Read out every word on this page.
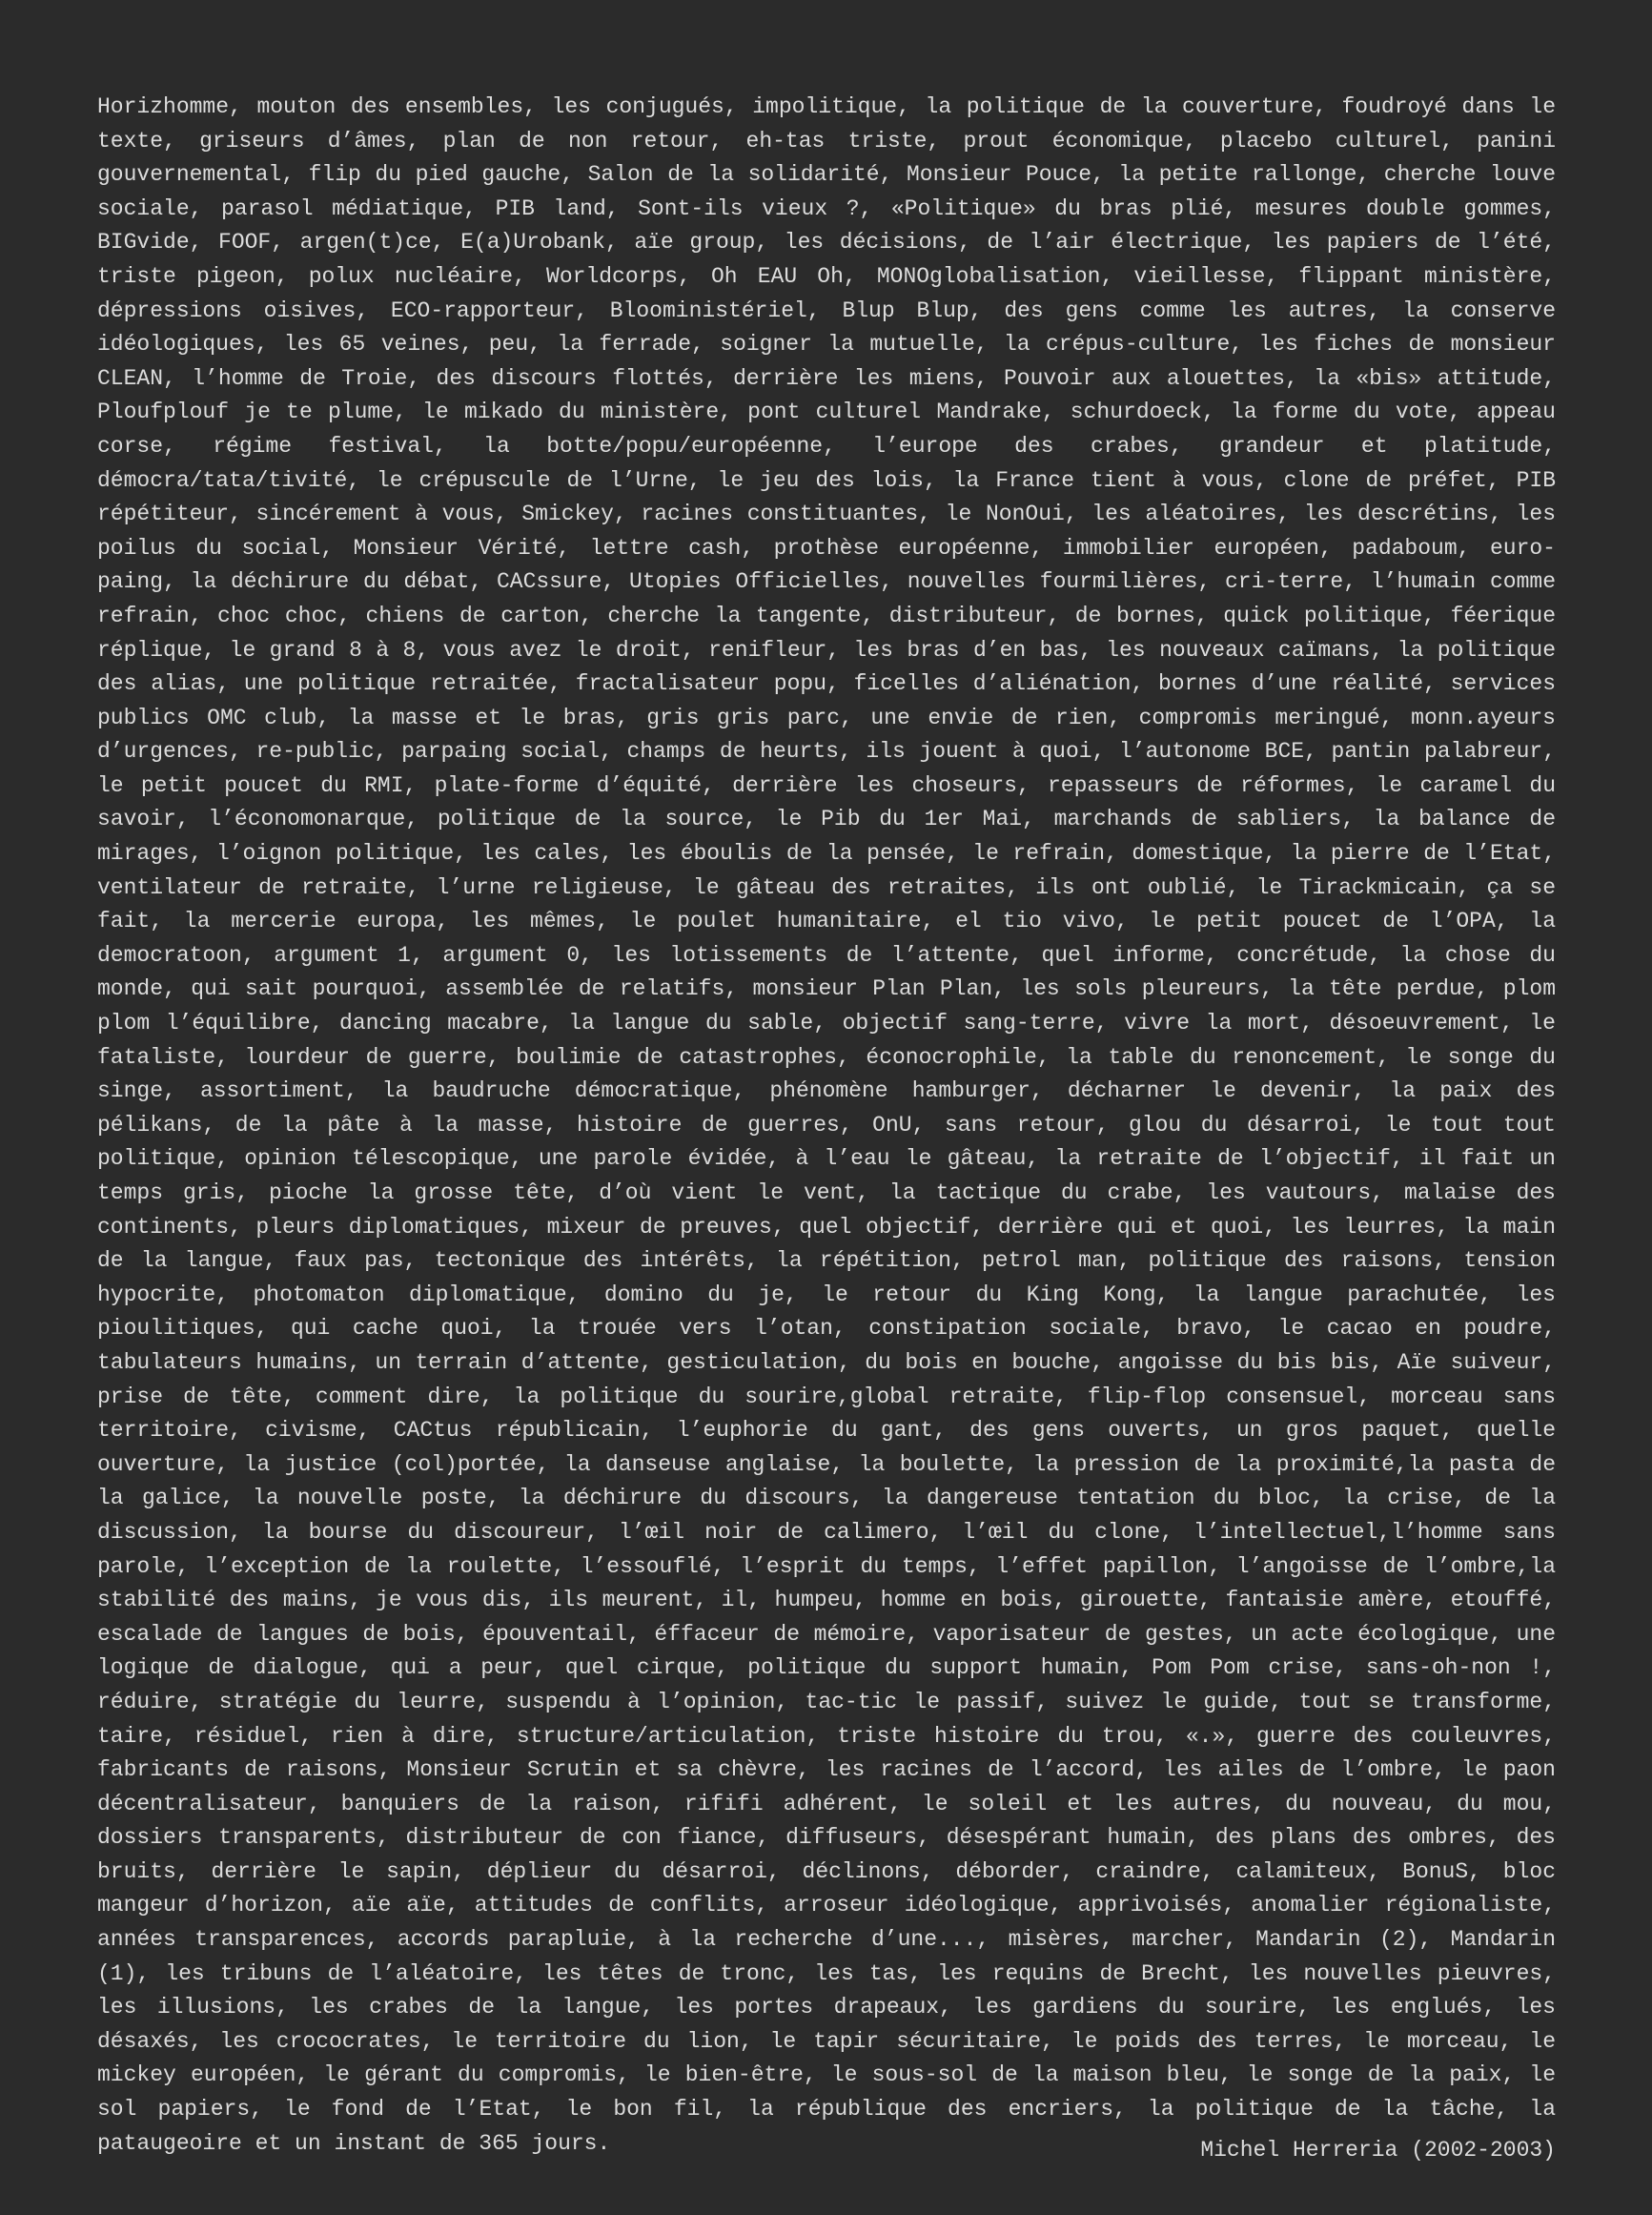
Horizhomme, mouton des ensembles, les conjugués, impolitique, la politique de la couverture, foudroyé dans le texte, griseurs d’âmes, plan de non retour, eh-tas triste, prout économique, placebo culturel, panini gouvernemental, flip du pied gauche, Salon de la solidarité, Monsieur Pouce, la petite rallonge, cherche louve sociale, parasol médiatique, PIB land, Sont-ils vieux ?, «Politique» du bras plié, mesures double gommes, BIGvide, FOOF, argen(t)ce, E(a)Urobank, aïe group, les décisions, de l’air électrique, les papiers de l’été, triste pigeon, polux nucléaire, Worldcorps, Oh EAU Oh, MONOglobalisation, vieillesse, flippant ministère, dépressions oisives, ECO-rapporteur, Blooministériel, Blup Blup, des gens comme les autres, la conserve idéologiques, les 65 veines, peu, la ferrade, soigner la mutuelle, la crépus-culture, les fiches de monsieur CLEAN, l’homme de Troie, des discours flottés, derrière les miens, Pouvoir aux alouettes, la «bis» attitude, Ploufplouf je te plume, le mikado du ministère, pont culturel Mandrake, schurdoeck, la forme du vote, appeau corse, régime festival, la botte/popu/européenne, l’europe des crabes, grandeur et platitude, démocra/tata/tivité, le crépuscule de l’Urne, le jeu des lois, la France tient à vous, clone de préfet, PIB répétiteur, sincérement à vous, Smickey, racines constituantes, le NonOui, les aléatoires, les descrétins, les poilus du social, Monsieur Vérité, lettre cash, prothèse européenne, immobilier européen, padaboum, euro-paing, la déchirure du débat, CACssure, Utopies Officielles, nouvelles fourmilières, cri-terre, l’humain comme refrain, choc choc, chiens de carton, cherche la tangente, distributeur, de bornes, quick politique, féerique réplique, le grand 8 à 8, vous avez le droit, renifleur, les bras d’en bas, les nouveaux caïmans, la politique des alias, une politique retraitée, fractalisateur popu, ficelles d’aliénation, bornes d’une réalité, services publics OMC club, la masse et le bras, gris gris parc, une envie de rien, compromis meringué, monn.ayeurs d’urgences, re-public, parpaing social, champs de heurts, ils jouent à quoi, l’autonome BCE, pantin palabreur, le petit poucet du RMI, plate-forme d’équité, derrière les choseurs, repasseurs de réformes, le caramel du savoir, l’économonarque, politique de la source, le Pib du 1er Mai, marchands de sabliers, la balance de mirages, l’oignon politique, les cales, les éboulis de la pensée, le refrain, domestique, la pierre de l’Etat, ventilateur de retraite, l’urne religieuse, le gâteau des retraites, ils ont oublié, le Tirackmicain, ça se fait, la mercerie europa, les mêmes, le poulet humanitaire, el tio vivo, le petit poucet de l’OPA, la democratoon, argument 1, argument 0, les lotissements de l’attente, quel informe, concrétude, la chose du monde, qui sait pourquoi, assemblée de relatifs, monsieur Plan Plan, les sols pleureurs, la tête perdue, plom plom l’équilibre, dancing macabre, la langue du sable, objectif sang-terre, vivre la mort, désoeuvrement, le fataliste, lourdeur de guerre, boulimie de catastrophes, éconocrophile, la table du renoncement, le songe du singe, assortiment, la baudruche démocratique, phénomène hamburger, décharner le devenir, la paix des pélikans, de la pâte à la masse, histoire de guerres, OnU, sans retour, glou du désarroi, le tout tout politique, opinion télescopique, une parole évidée, à l’eau le gâteau, la retraite de l’objectif, il fait un temps gris, pioche la grosse tête, d’où vient le vent, la tactique du crabe, les vautours, malaise des continents, pleurs diplomatiques, mixeur de preuves, quel objectif, derrière qui et quoi, les leurres, la main de la langue, faux pas, tectonique des intérêts, la répétition, petrol man, politique des raisons, tension hypocrite, photomaton diplomatique, domino du je, le retour du King Kong, la langue parachutée, les pioulitiques, qui cache quoi, la trouée vers l’otan, constipation sociale, bravo, le cacao en poudre, tabulateurs humains, un terrain d’attente, gesticulation, du bois en bouche, angoisse du bis bis, Aïe suiveur, prise de tête, comment dire, la politique du sourire,global retraite, flip-flop consensuel, morceau sans territoire, civisme, CACtus républicain, l’euphorie du gant, des gens ouverts, un gros paquet, quelle ouverture, la justice (col)portée, la danseuse anglaise, la boulette, la pression de la proximité,la pasta de la galice, la nouvelle poste, la déchirure du discours, la dangereuse tentation du bloc, la crise, de la discussion, la bourse du discoureur, l’œil noir de calimero, l’œil du clone, l’intellectuel,l’homme sans parole, l’exception de la roulette, l’essouflé, l’esprit du temps, l’effet papillon, l’angoisse de l’ombre,la stabilité des mains, je vous dis, ils meurent, il, humpeu, homme en bois, girouette, fantaisie amère, etouffé, escalade de langues de bois, épouventail, éffaceur de mémoire, vaporisateur de gestes, un acte écologique, une logique de dialogue, qui a peur, quel cirque, politique du support humain, Pom Pom crise, sans-oh-non !, réduire, stratégie du leurre, suspendu à l’opinion, tac-tic le passif, suivez le guide, tout se transforme, taire, résiduel, rien à dire, structure/articulation, triste histoire du trou, «.», guerre des couleuvres, fabricants de raisons, Monsieur Scrutin et sa chèvre, les racines de l’accord, les ailes de l’ombre, le paon décentralisateur, banquiers de la raison, rififi adhérent, le soleil et les autres, du nouveau, du mou, dossiers transparents, distributeur de con fiance, diffuseurs, désespérant humain, des plans des ombres, des bruits, derrière le sapin, déplieur du désarroi, déclinons, déborder, craindre, calamiteux, BonuS, bloc mangeur d’horizon, aïe aïe, attitudes de conflits, arroseur idéologique, apprivoisés, anomalier régionaliste, années transparences, accords parapluie, à la recherche d’une..., misères, marcher, Mandarin (2), Mandarin (1), les tribuns de l’aléatoire, les têtes de tronc, les tas, les requins de Brecht, les nouvelles pieuvres, les illusions, les crabes de la langue, les portes drapeaux, les gardiens du sourire, les englués, les désaxés, les crococrates, le territoire du lion, le tapir sécuritaire, le poids des terres, le morceau, le mickey européen, le gérant du compromis, le bien-être, le sous-sol de la maison bleu, le songe de la paix, le sol papiers, le fond de l’Etat, le bon fil, la république des encriers, la politique de la tâche, la pataugeoire et un instant de 365 jours.	Michel Herreria (2002-2003)
